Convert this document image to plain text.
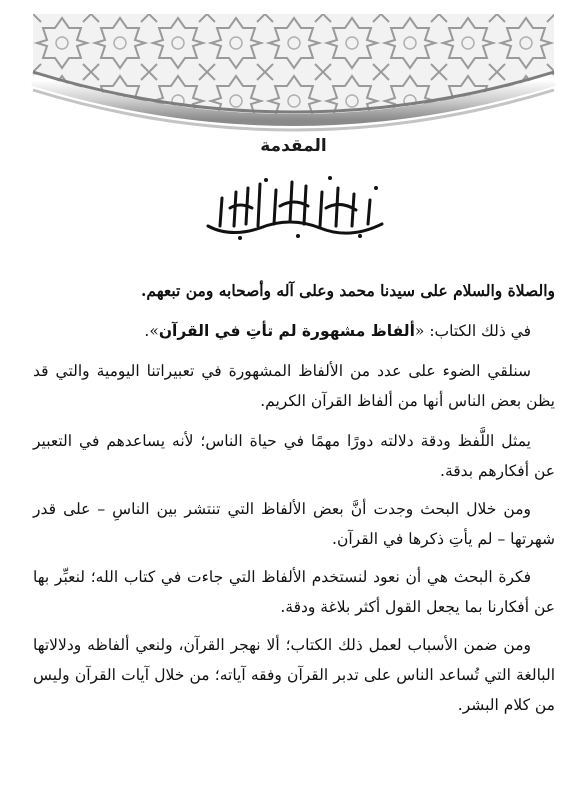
المقدمة

والصلاة والسلام على سيدنا محمد وعلى آله وأصحابه ومن تبعهم.

في ذلك الكتاب: «ألفاظ مشهورة لم تأتِ في القرآن».

سنلقي الضوء على عدد من الألفاظ المشهورة في تعبيراتنا اليومية والتي قد يظن بعض الناس أنها من ألفاظ القرآن الكريم.

يمثل اللَّفظ ودقة دلالته دورًا مهمًا في حياة الناس؛ لأنه يساعدهم في التعبير عن أفكارهم بدقة.

ومن خلال البحث وجدت أنَّ بعض الألفاظ التي تنتشر بين الناسِ – على قدر شهرتها – لم يأتِ ذكرها في القرآن.

فكرة البحث هي أن نعود لنستخدم الألفاظ التي جاءت في كتاب الله؛ لنعبِّر بها عن أفكارنا بما يجعل القول أكثر بلاغة ودقة.

ومن ضمن الأسباب لعمل ذلك الكتاب؛ ألا نهجر القرآن، ولنعي ألفاظه ودلالاتها البالغة التي تُساعد الناس على تدبر القرآن وفقه آياته؛ من خلال آيات القرآن وليس من كلام البشر.
